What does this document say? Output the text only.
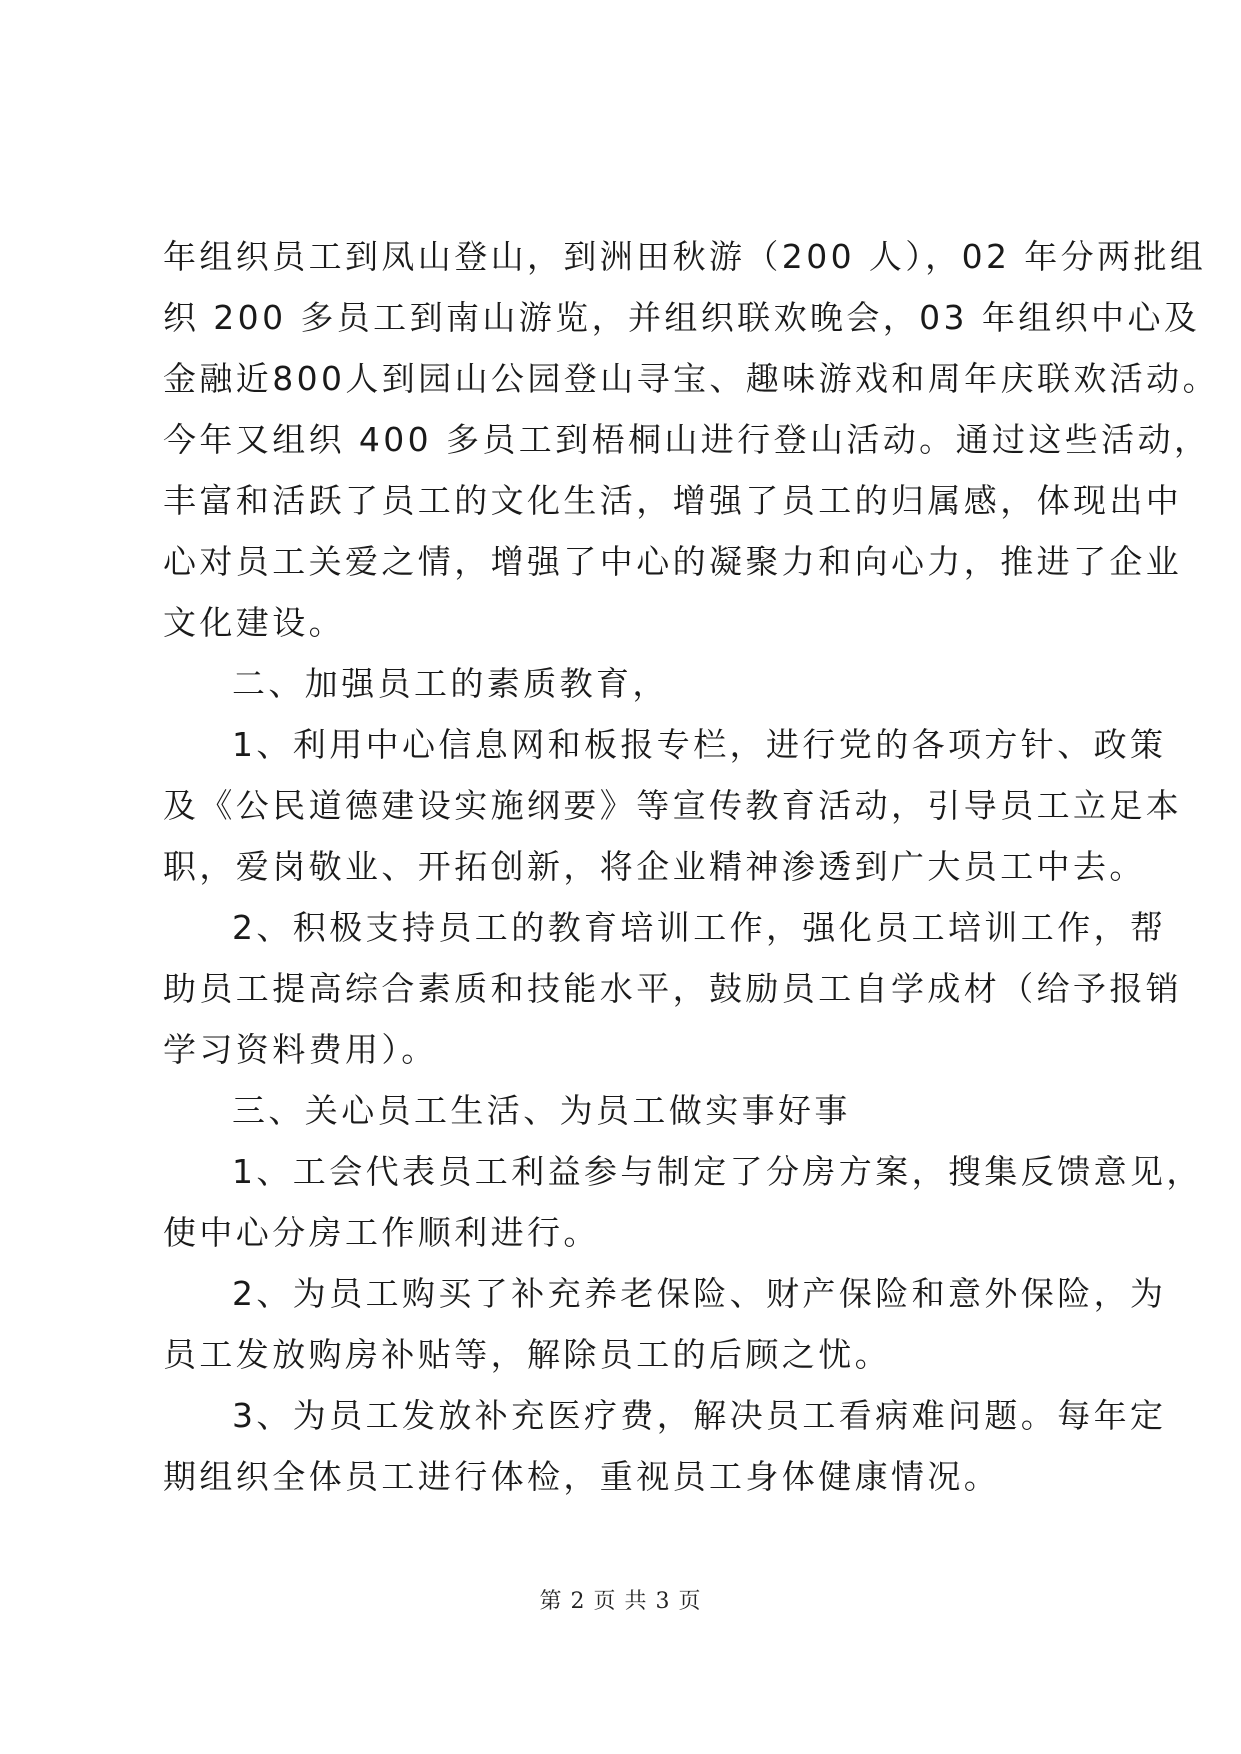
年组织员工到凤山登山，到洲田秋游（200 人），02 年分两批组
织 200 多员工到南山游览，并组织联欢晚会，03 年组织中心及
金融近800人到园山公园登山寻宝、趣味游戏和周年庆联欢活动。
今年又组织 400 多员工到梧桐山进行登山活动。通过这些活动，
丰富和活跃了员工的文化生活，增强了员工的归属感，体现出中
心对员工关爱之情，增强了中心的凝聚力和向心力，推进了企业
文化建设。
二、加强员工的素质教育，
1、利用中心信息网和板报专栏，进行党的各项方针、政策
及《公民道德建设实施纲要》等宣传教育活动，引导员工立足本
职，爱岗敬业、开拓创新，将企业精神渗透到广大员工中去。
2、积极支持员工的教育培训工作，强化员工培训工作，帮
助员工提高综合素质和技能水平，鼓励员工自学成材（给予报销
学习资料费用）。
三、关心员工生活、为员工做实事好事
1、工会代表员工利益参与制定了分房方案，搜集反馈意见，
使中心分房工作顺利进行。
2、为员工购买了补充养老保险、财产保险和意外保险，为
员工发放购房补贴等，解除员工的后顾之忧。
3、为员工发放补充医疗费，解决员工看病难问题。每年定
期组织全体员工进行体检，重视员工身体健康情况。
第 2 页 共 3 页
